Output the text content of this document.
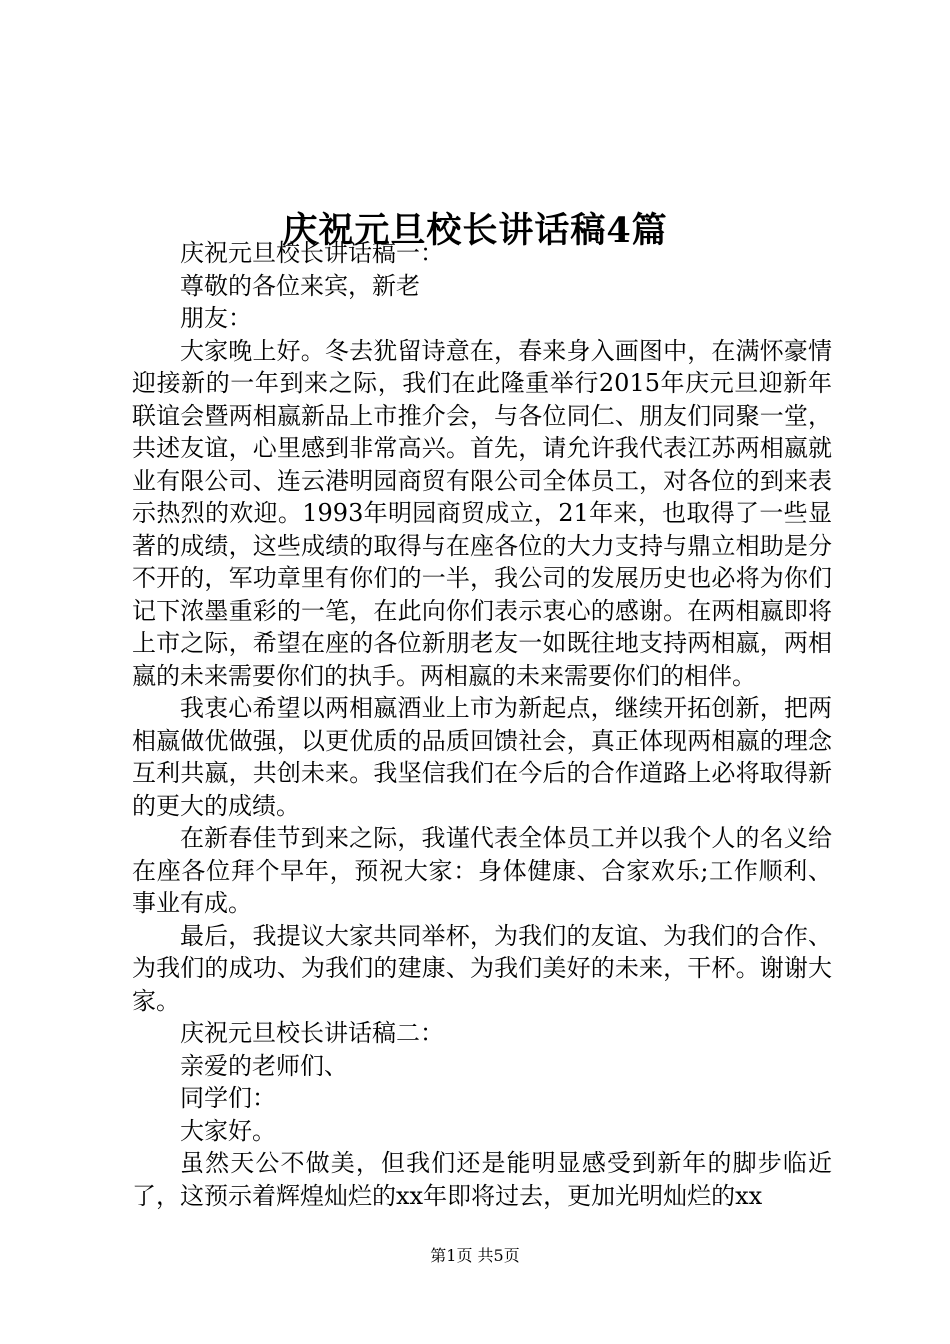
庆祝元旦校长讲话稿4篇

庆祝元旦校长讲话稿一：

尊敬的各位来宾，新老

朋友：

大家晚上好。冬去犹留诗意在，春来身入画图中，在满怀豪情迎接新的一年到来之际，我们在此隆重举行2015年庆元旦迎新年联谊会暨两相嬴新品上市推介会，与各位同仁、朋友们同聚一堂，共述友谊，心里感到非常高兴。首先，请允许我代表江苏两相嬴就业有限公司、连云港明园商贸有限公司全体员工，对各位的到来表示热烈的欢迎。1993年明园商贸成立，21年来，也取得了一些显著的成绩，这些成绩的取得与在座各位的大力支持与鼎立相助是分不开的，军功章里有你们的一半，我公司的发展历史也必将为你们记下浓墨重彩的一笔，在此向你们表示衷心的感谢。在两相嬴即将上市之际，希望在座的各位新朋老友一如既往地支持两相嬴，两相嬴的未来需要你们的执手。两相嬴的未来需要你们的相伴。

我衷心希望以两相嬴酒业上市为新起点，继续开拓创新，把两相嬴做优做强，以更优质的品质回馈社会，真正体现两相嬴的理念互利共嬴，共创未来。我坚信我们在今后的合作道路上必将取得新的更大的成绩。

在新春佳节到来之际，我谨代表全体员工并以我个人的名义给在座各位拜个早年，预祝大家：身体健康、合家欢乐;工作顺利、事业有成。

最后，我提议大家共同举杯，为我们的友谊、为我们的合作、为我们的成功、为我们的建康、为我们美好的未来，干杯。谢谢大家。

庆祝元旦校长讲话稿二：

亲爱的老师们、

同学们：

大家好。

虽然天公不做美，但我们还是能明显感受到新年的脚步临近了，这预示着辉煌灿烂的xx年即将过去，更加光明灿烂的xx

第1页 共5页
